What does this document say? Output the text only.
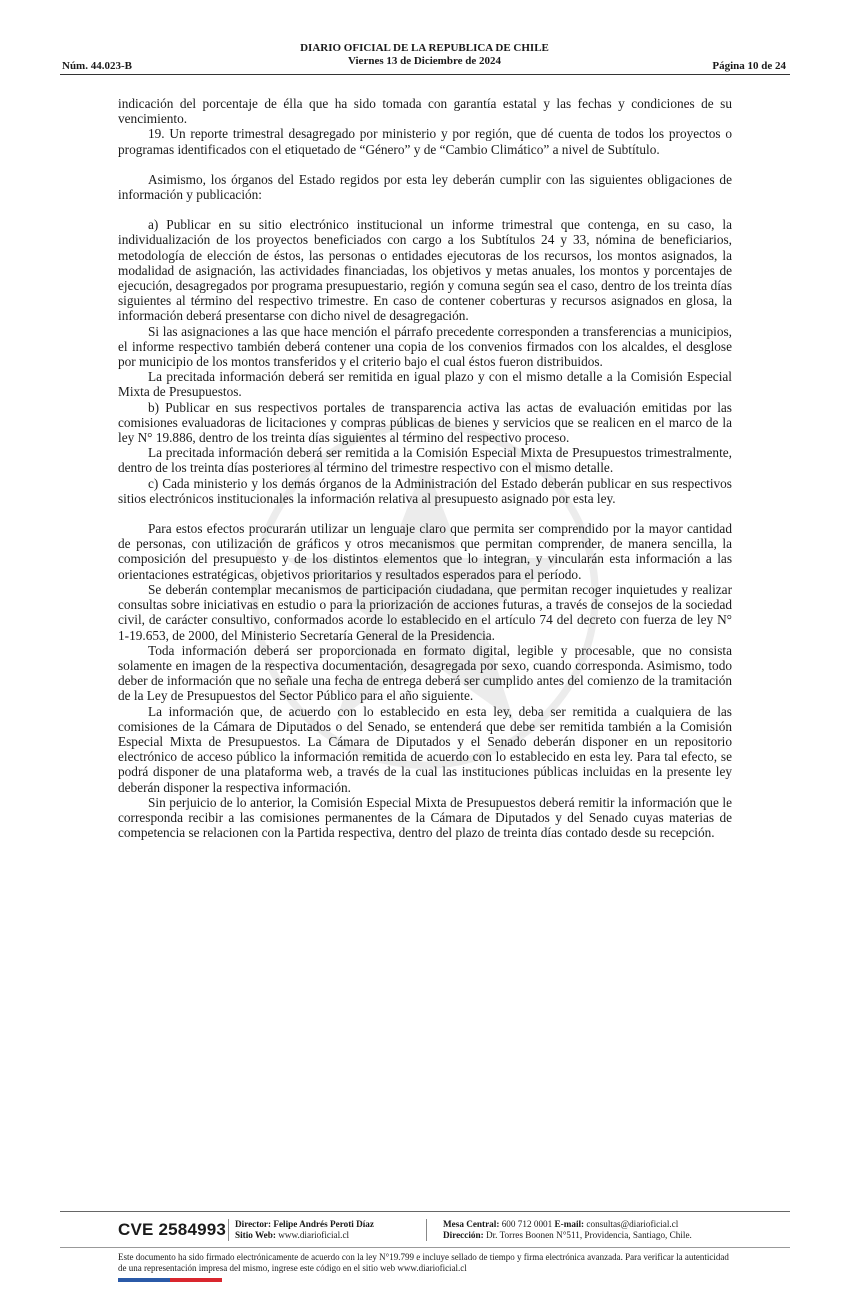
Núm. 44.023-B
DIARIO OFICIAL DE LA REPUBLICA DE CHILE
Viernes 13 de Diciembre de 2024	Página 10 de 24

indicación del porcentaje de élla que ha sido tomada con garantía estatal y las fechas y condiciones de su vencimiento.

19. Un reporte trimestral desagregado por ministerio y por región, que dé cuenta de todos los proyectos o programas identificados con el etiquetado de “Género” y de “Cambio Climático” a nivel de Subtítulo.

Asimismo, los órganos del Estado regidos por esta ley deberán cumplir con las siguientes obligaciones de información y publicación:

a) Publicar en su sitio electrónico institucional un informe trimestral que contenga, en su caso, la individualización de los proyectos beneficiados con cargo a los Subtítulos 24 y 33, nómina de beneficiarios, metodología de elección de éstos, las personas o entidades ejecutoras de los recursos, los montos asignados, la modalidad de asignación, las actividades financiadas, los objetivos y metas anuales, los montos y porcentajes de ejecución, desagregados por programa presupuestario, región y comuna según sea el caso, dentro de los treinta días siguientes al término del respectivo trimestre. En caso de contener coberturas y recursos asignados en glosa, la información deberá presentarse con dicho nivel de desagregación.

Si las asignaciones a las que hace mención el párrafo precedente corresponden a transferencias a municipios, el informe respectivo también deberá contener una copia de los convenios firmados con los alcaldes, el desglose por municipio de los montos transferidos y el criterio bajo el cual éstos fueron distribuidos.

La precitada información deberá ser remitida en igual plazo y con el mismo detalle a la Comisión Especial Mixta de Presupuestos.

b) Publicar en sus respectivos portales de transparencia activa las actas de evaluación emitidas por las comisiones evaluadoras de licitaciones y compras públicas de bienes y servicios que se realicen en el marco de la ley N° 19.886, dentro de los treinta días siguientes al término del respectivo proceso.

La precitada información deberá ser remitida a la Comisión Especial Mixta de Presupuestos trimestralmente, dentro de los treinta días posteriores al término del trimestre respectivo con el mismo detalle.

c) Cada ministerio y los demás órganos de la Administración del Estado deberán publicar en sus respectivos sitios electrónicos institucionales la información relativa al presupuesto asignado por esta ley.

Para estos efectos procurarán utilizar un lenguaje claro que permita ser comprendido por la mayor cantidad de personas, con utilización de gráficos y otros mecanismos que permitan comprender, de manera sencilla, la composición del presupuesto y de los distintos elementos que lo integran, y vincularán esta información a las orientaciones estratégicas, objetivos prioritarios y resultados esperados para el período.

Se deberán contemplar mecanismos de participación ciudadana, que permitan recoger inquietudes y realizar consultas sobre iniciativas en estudio o para la priorización de acciones futuras, a través de consejos de la sociedad civil, de carácter consultivo, conformados acorde lo establecido en el artículo 74 del decreto con fuerza de ley N° 1-19.653, de 2000, del Ministerio Secretaría General de la Presidencia.

Toda información deberá ser proporcionada en formato digital, legible y procesable, que no consista solamente en imagen de la respectiva documentación, desagregada por sexo, cuando corresponda. Asimismo, todo deber de información que no señale una fecha de entrega deberá ser cumplido antes del comienzo de la tramitación de la Ley de Presupuestos del Sector Público para el año siguiente.

La información que, de acuerdo con lo establecido en esta ley, deba ser remitida a cualquiera de las comisiones de la Cámara de Diputados o del Senado, se entenderá que debe ser remitida también a la Comisión Especial Mixta de Presupuestos. La Cámara de Diputados y el Senado deberán disponer en un repositorio electrónico de acceso público la información remitida de acuerdo con lo establecido en esta ley. Para tal efecto, se podrá disponer de una plataforma web, a través de la cual las instituciones públicas incluidas en la presente ley deberán disponer la respectiva información.

Sin perjuicio de lo anterior, la Comisión Especial Mixta de Presupuestos deberá remitir la información que le corresponda recibir a las comisiones permanentes de la Cámara de Diputados y del Senado cuyas materias de competencia se relacionen con la Partida respectiva, dentro del plazo de treinta días contado desde su recepción.

CVE 2584993 Director: Felipe Andrés Peroti Díaz
Sitio Web: www.diarioficial.cl
Mesa Central: 600 712 0001 E-mail: consultas@diarioficial.cl
Dirección: Dr. Torres Boonen N°511, Providencia, Santiago, Chile.
Este documento ha sido firmado electrónicamente de acuerdo con la ley N°19.799 e incluye sellado de tiempo y firma electrónica avanzada. Para verificar la autenticidad de una representación impresa del mismo, ingrese este código en el sitio web www.diarioficial.cl
